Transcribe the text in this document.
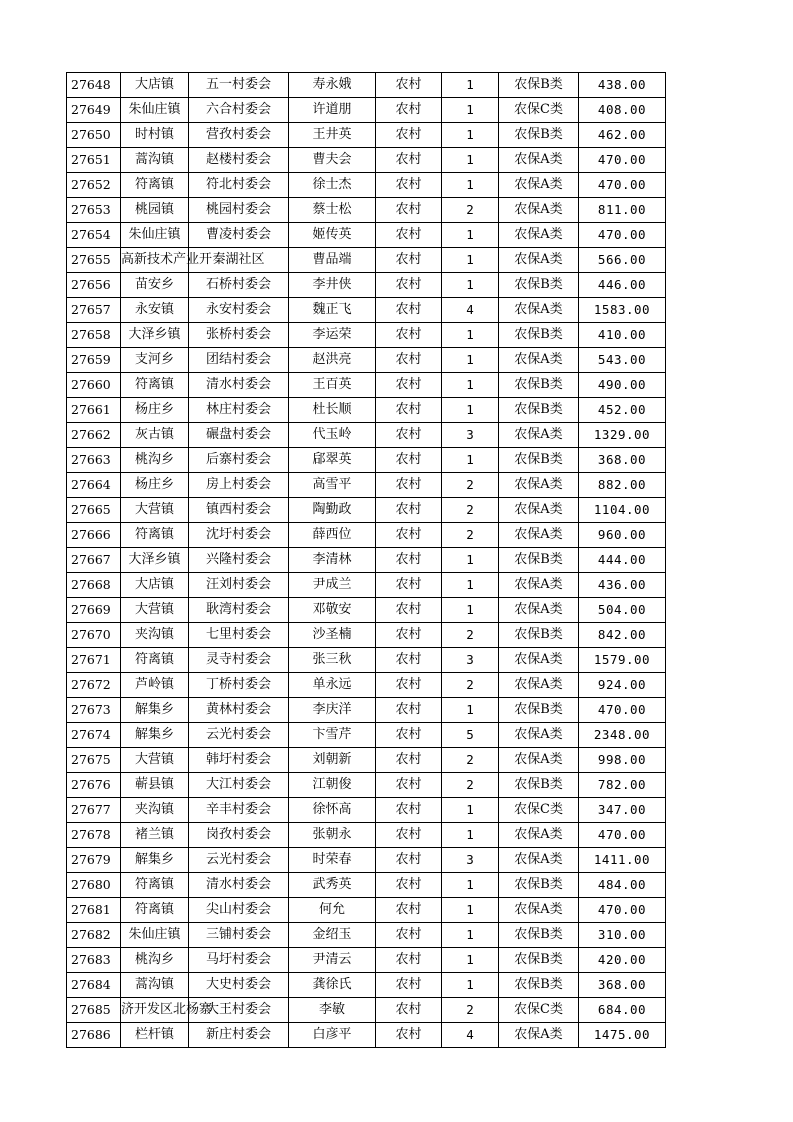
27648	大店镇	五一村委会	寿永娥	农村	1	农保B类	438.00
27649	朱仙庄镇	六合村委会	许道朋	农村	1	农保C类	408.00
27650	时村镇	营孜村委会	王井英	农村	1	农保B类	462.00
27651	蒿沟镇	赵楼村委会	曹夫会	农村	1	农保A类	470.00
27652	符离镇	符北村委会	徐士杰	农村	1	农保A类	470.00
27653	桃园镇	桃园村委会	蔡士松	农村	2	农保A类	811.00
27654	朱仙庄镇	曹凌村委会	姬传英	农村	1	农保A类	470.00
27655	高新技术产业开	秦湖社区	曹品端	农村	1	农保A类	566.00
27656	苗安乡	石桥村委会	李井侠	农村	1	农保B类	446.00
27657	永安镇	永安村委会	魏正飞	农村	4	农保A类	1583.00
27658	大泽乡镇	张桥村委会	李运荣	农村	1	农保B类	410.00
27659	支河乡	团结村委会	赵洪亮	农村	1	农保A类	543.00
27660	符离镇	清水村委会	王百英	农村	1	农保B类	490.00
27661	杨庄乡	林庄村委会	杜长顺	农村	1	农保B类	452.00
27662	灰古镇	碾盘村委会	代玉岭	农村	3	农保A类	1329.00
27663	桃沟乡	后寨村委会	郈翠英	农村	1	农保B类	368.00
27664	杨庄乡	房上村委会	高雪平	农村	2	农保A类	882.00
27665	大营镇	镇西村委会	陶勤政	农村	2	农保A类	1104.00
27666	符离镇	沈圩村委会	薛西位	农村	2	农保A类	960.00
27667	大泽乡镇	兴隆村委会	李清林	农村	1	农保B类	444.00
27668	大店镇	汪刘村委会	尹成兰	农村	1	农保A类	436.00
27669	大营镇	耿湾村委会	邓敬安	农村	1	农保A类	504.00
27670	夹沟镇	七里村委会	沙圣楠	农村	2	农保B类	842.00
27671	符离镇	灵寺村委会	张三秋	农村	3	农保A类	1579.00
27672	芦岭镇	丁桥村委会	单永远	农村	2	农保A类	924.00
27673	解集乡	黄林村委会	李庆洋	农村	1	农保B类	470.00
27674	解集乡	云光村委会	卞雪芹	农村	5	农保A类	2348.00
27675	大营镇	韩圩村委会	刘朝新	农村	2	农保A类	998.00
27676	蕲县镇	大江村委会	江朝俊	农村	2	农保B类	782.00
27677	夹沟镇	辛丰村委会	徐怀高	农村	1	农保C类	347.00
27678	褚兰镇	岗孜村委会	张朝永	农村	1	农保A类	470.00
27679	解集乡	云光村委会	时荣春	农村	3	农保A类	1411.00
27680	符离镇	清水村委会	武秀英	农村	1	农保B类	484.00
27681	符离镇	尖山村委会	何允	农村	1	农保A类	470.00
27682	朱仙庄镇	三铺村委会	金绍玉	农村	1	农保B类	310.00
27683	桃沟乡	马圩村委会	尹清云	农村	1	农保B类	420.00
27684	蒿沟镇	大史村委会	龚徐氏	农村	1	农保B类	368.00
27685	济开发区北杨寨	大王村委会	李敏	农村	2	农保C类	684.00
27686	栏杆镇	新庄村委会	白彦平	农村	4	农保A类	1475.00
